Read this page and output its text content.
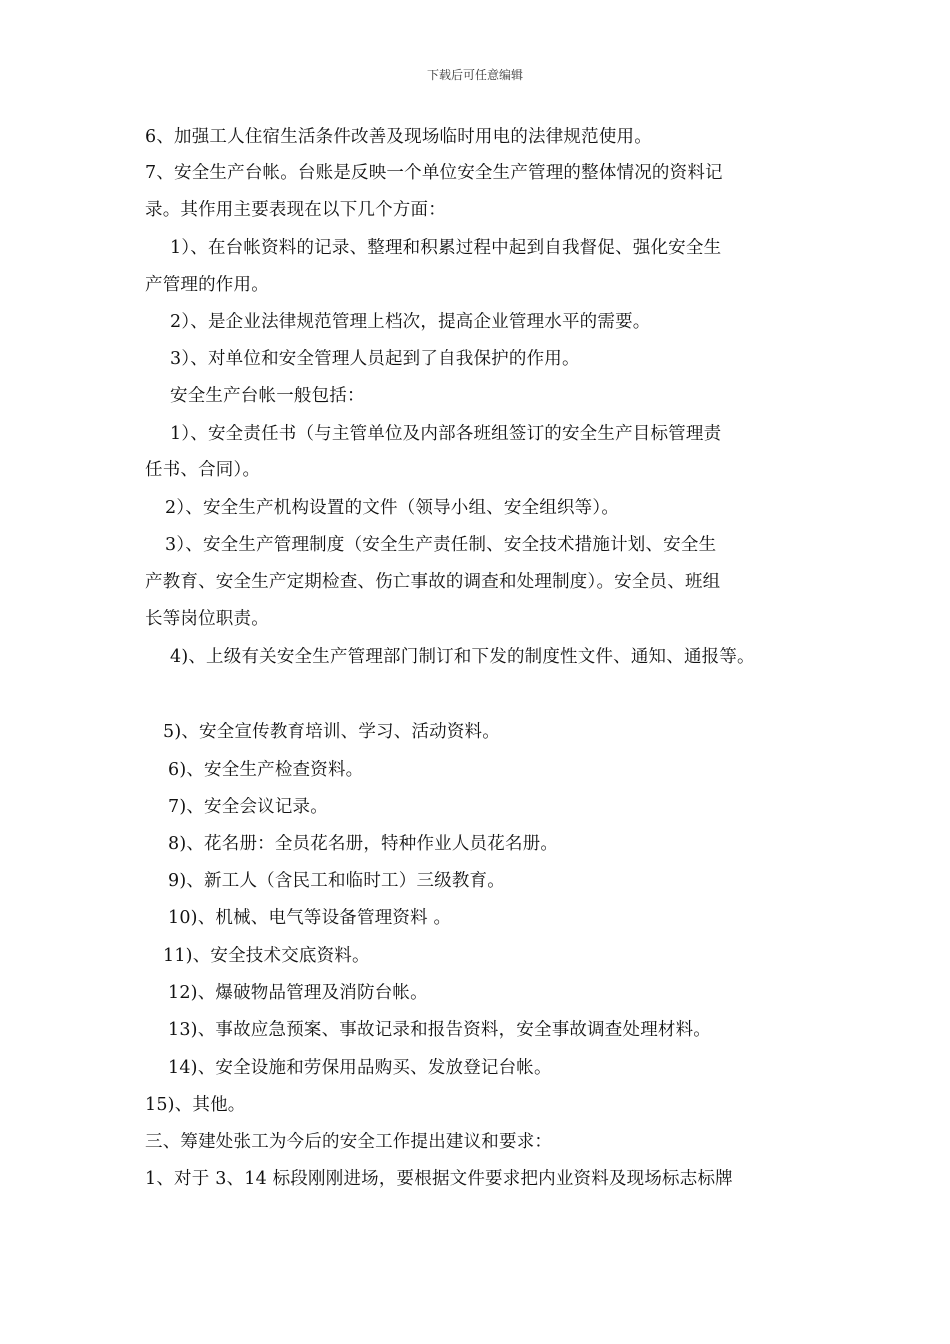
下载后可任意编辑
6、加强工人住宿生活条件改善及现场临时用电的法律规范使用。
7、安全生产台帐。台账是反映一个单位安全生产管理的整体情况的资料记
录。其作用主要表现在以下几个方面：
1）、在台帐资料的记录、整理和积累过程中起到自我督促、强化安全生
产管理的作用。
2）、是企业法律规范管理上档次，提高企业管理水平的需要。
3）、对单位和安全管理人员起到了自我保护的作用。
安全生产台帐一般包括：
1）、安全责任书（与主管单位及内部各班组签订的安全生产目标管理责
任书、合同）。
2）、安全生产机构设置的文件（领导小组、安全组织等）。
3）、安全生产管理制度（安全生产责任制、安全技术措施计划、安全生
产教育、安全生产定期检查、伤亡事故的调查和处理制度）。安全员、班组
长等岗位职责。
4)、上级有关安全生产管理部门制订和下发的制度性文件、通知、通报等。
5)、安全宣传教育培训、学习、活动资料。
6)、安全生产检查资料。
7)、安全会议记录。
8)、花名册：全员花名册，特种作业人员花名册。
9)、新工人（含民工和临时工）三级教育。
10)、机械、电气等设备管理资料 。
11)、安全技术交底资料。
12)、爆破物品管理及消防台帐。
13)、事故应急预案、事故记录和报告资料，安全事故调查处理材料。
14)、安全设施和劳保用品购买、发放登记台帐。
15)、其他。
三、筹建处张工为今后的安全工作提出建议和要求：
1、对于 3、14 标段刚刚进场，要根据文件要求把内业资料及现场标志标牌
